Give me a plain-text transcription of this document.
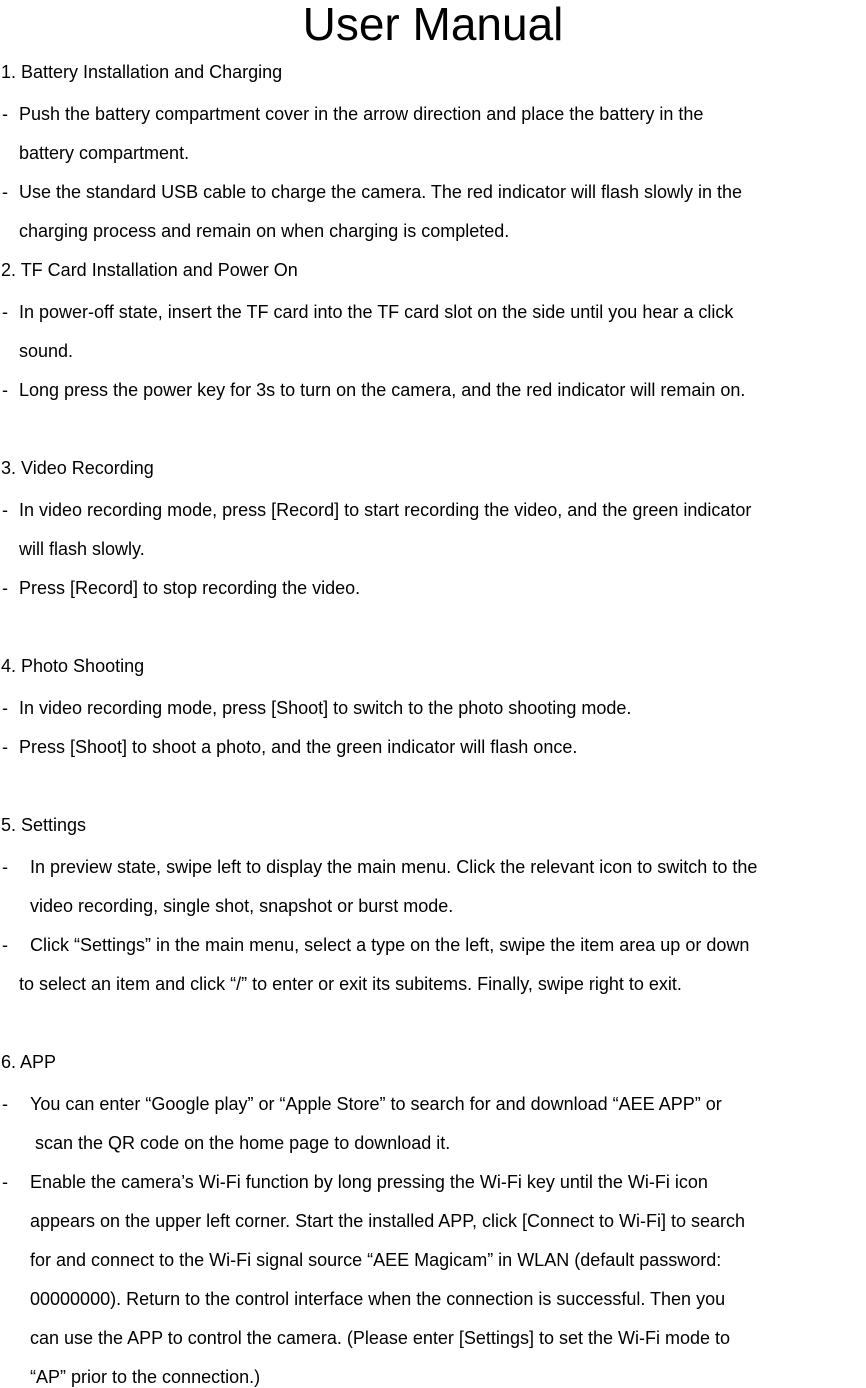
User Manual
1. Battery Installation and Charging
- Push the battery compartment cover in the arrow direction and place the battery in the
battery compartment.
- Use the standard USB cable to charge the camera. The red indicator will flash slowly in the
charging process and remain on when charging is completed.
2. TF Card Installation and Power On
- In power-off state, insert the TF card into the TF card slot on the side until you hear a click
sound.
- Long press the power key for 3s to turn on the camera, and the red indicator will remain on.
3. Video Recording
- In video recording mode, press [Record] to start recording the video, and the green indicator
will flash slowly.
- Press [Record] to stop recording the video.
4. Photo Shooting
- In video recording mode, press [Shoot] to switch to the photo shooting mode.
- Press [Shoot] to shoot a photo, and the green indicator will flash once.
5. Settings
- In preview state, swipe left to display the main menu. Click the relevant icon to switch to the
video recording, single shot, snapshot or burst mode.
- Click “Settings” in the main menu, select a type on the left, swipe the item area up or down
to select an item and click “/” to enter or exit its subitems. Finally, swipe right to exit.
6. APP
- You can enter “Google play” or “Apple Store” to search for and download “AEE APP” or
scan the QR code on the home page to download it.
- Enable the camera’s Wi-Fi function by long pressing the Wi-Fi key until the Wi-Fi icon
appears on the upper left corner. Start the installed APP, click [Connect to Wi-Fi] to search
for and connect to the Wi-Fi signal source “AEE Magicam” in WLAN (default password:
00000000). Return to the control interface when the connection is successful. Then you
can use the APP to control the camera. (Please enter [Settings] to set the Wi-Fi mode to
“AP” prior to the connection.)
